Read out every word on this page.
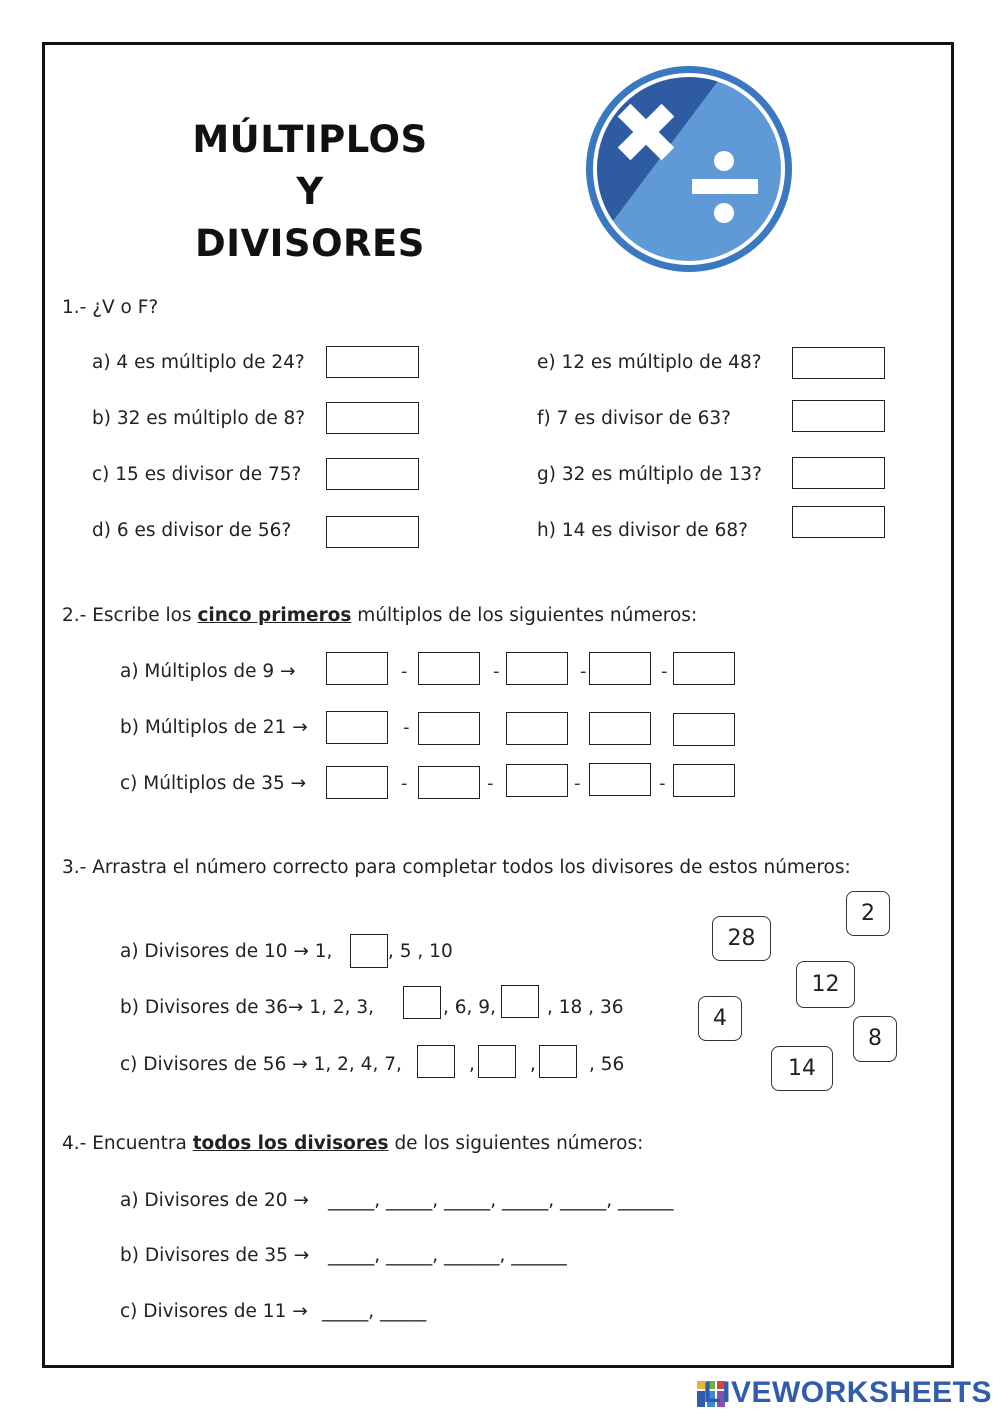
MÚLTIPLOS
Y
DIVISORES
1.- ¿V o F?
a) 4 es múltiplo de 24?
b) 32 es múltiplo de 8?
c) 15 es divisor de 75?
d) 6 es divisor de 56?
e) 12 es múltiplo de 48?
f) 7 es divisor de 63?
g) 32 es múltiplo de 13?
h) 14 es divisor de 68?
2.- Escribe los cinco primeros múltiplos de los siguientes números:
a) Múltiplos de 9 →	-	-	-	-
b) Múltiplos de 21 →	-
c) Múltiplos de 35 →	-	-	-	-
3.- Arrastra el número correcto para completar todos los divisores de estos números:
a) Divisores de 10 → 1,	, 5 , 10
b) Divisores de 36→ 1, 2, 3,	, 6, 9,	, 18 , 36
c) Divisores de 56 → 1, 2, 4, 7,	,	,	, 56
28
2
12
4
8
14
4.- Encuentra todos los divisores de los siguientes números:
a) Divisores de 20 → _____, _____, _____, _____, _____, ______
b) Divisores de 35 → _____, _____, ______, ______
c) Divisores de 11 → _____, _____
LIVEWORKSHEETS
